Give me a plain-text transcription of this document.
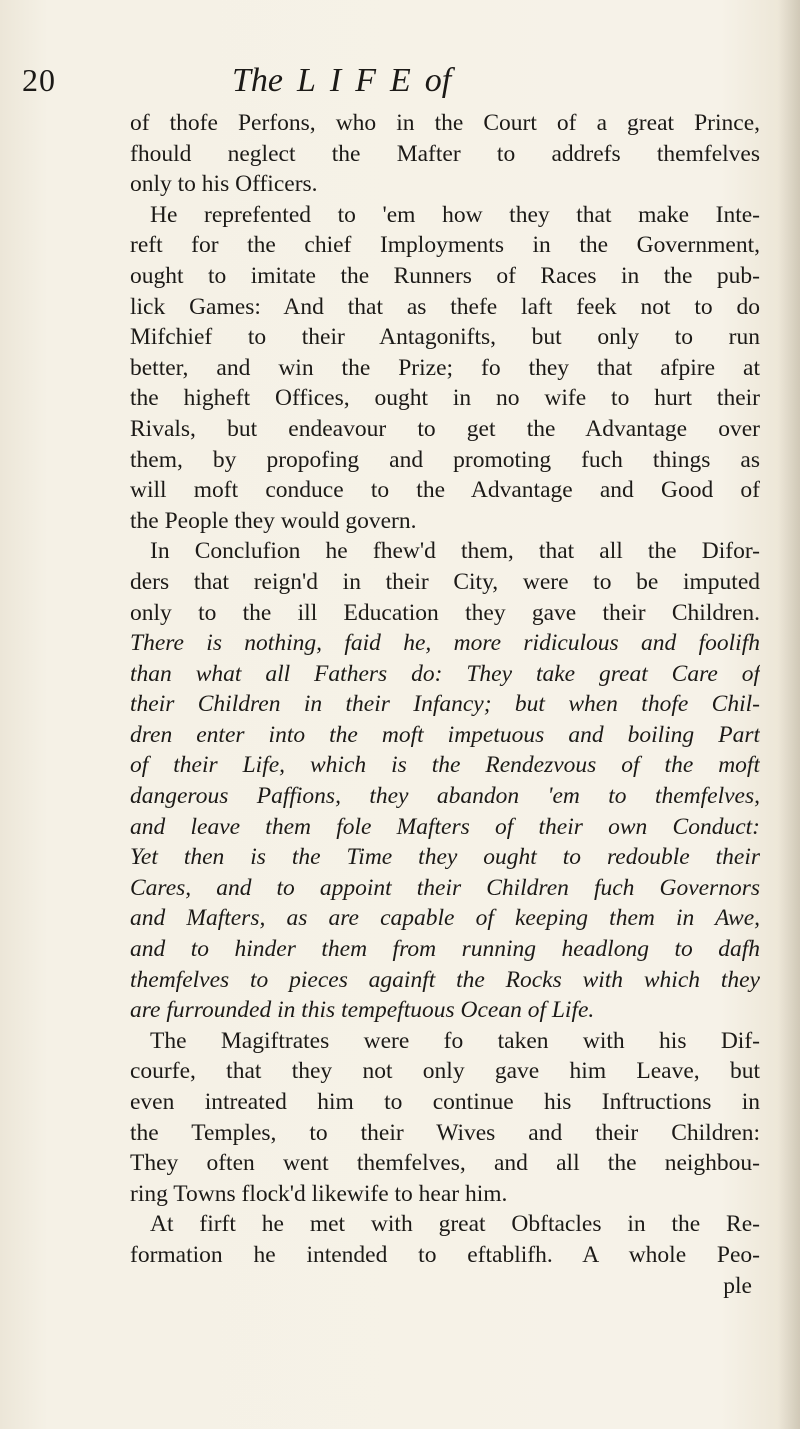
20	The LIFEof
of thofe Perfons, who in the Court of a great Prince,
fhould neglect the Mafter to addrefs themfelves
only to his Officers.
He reprefented to 'em how they that make Inte-
reft for the chief Imployments in the Government,
ought to imitate the Runners of Races in the pub-
lick Games: And that as thefe laft feek not to do
Mifchief to their Antagonifts, but only to run
better, and win the Prize; fo they that afpire at
the higheft Offices, ought in no wife to hurt their
Rivals, but endeavour to get the Advantage over
them, by propofing and promoting fuch things as
will moft conduce to the Advantage and Good of
the People they would govern.
In Conclufion he fhew'd them, that all the Difor-
ders that reign'd in their City, were to be imputed
only to the ill Education they gave their Children.
There is nothing, faid he, more ridiculous and foolifh
than what all Fathers do: They take great Care of
their Children in their Infancy; but when thofe Chil-
dren enter into the moft impetuous and boiling Part
of their Life, which is the Rendezvous of the moft
dangerous Paffions, they abandon 'em to themfelves,
and leave them fole Mafters of their own Conduct:
Yet then is the Time they ought to redouble their
Cares, and to appoint their Children fuch Governors
and Mafters, as are capable of keeping them in Awe,
and to hinder them from running headlong to dafh
themfelves to pieces againft the Rocks with which they
are furrounded in this tempeftuous Ocean of Life.
The Magiftrates were fo taken with his Dif-
courfe, that they not only gave him Leave, but
even intreated him to continue his Inftructions in
the Temples, to their Wives and their Children:
They often went themfelves, and all the neighbou-
ring Towns flock'd likewife to hear him.
At firft he met with great Obftacles in the Re-
formation he intended to eftablifh. A whole Peo-
ple
